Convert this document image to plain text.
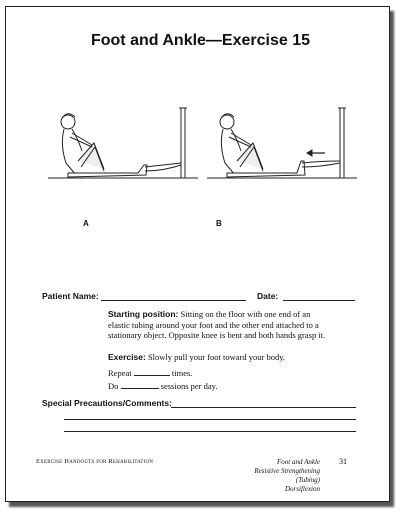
Foot and Ankle—Exercise 15
A	B
Patient Name:	Date:
Starting position: Sitting on the floor with one end of an elastic tubing around your foot and the other end attached to a stationary object. Opposite knee is bent and both hands grasp it.
Exercise: Slowly pull your foot toward your body.
Repeat	times.
Do	sessions per day.
Special Precautions/Comments:
Exercise Handouts for Rehabilitation	Foot and Ankle
Resistive Strengthening (Tubing)
Dorsiflexion
31
